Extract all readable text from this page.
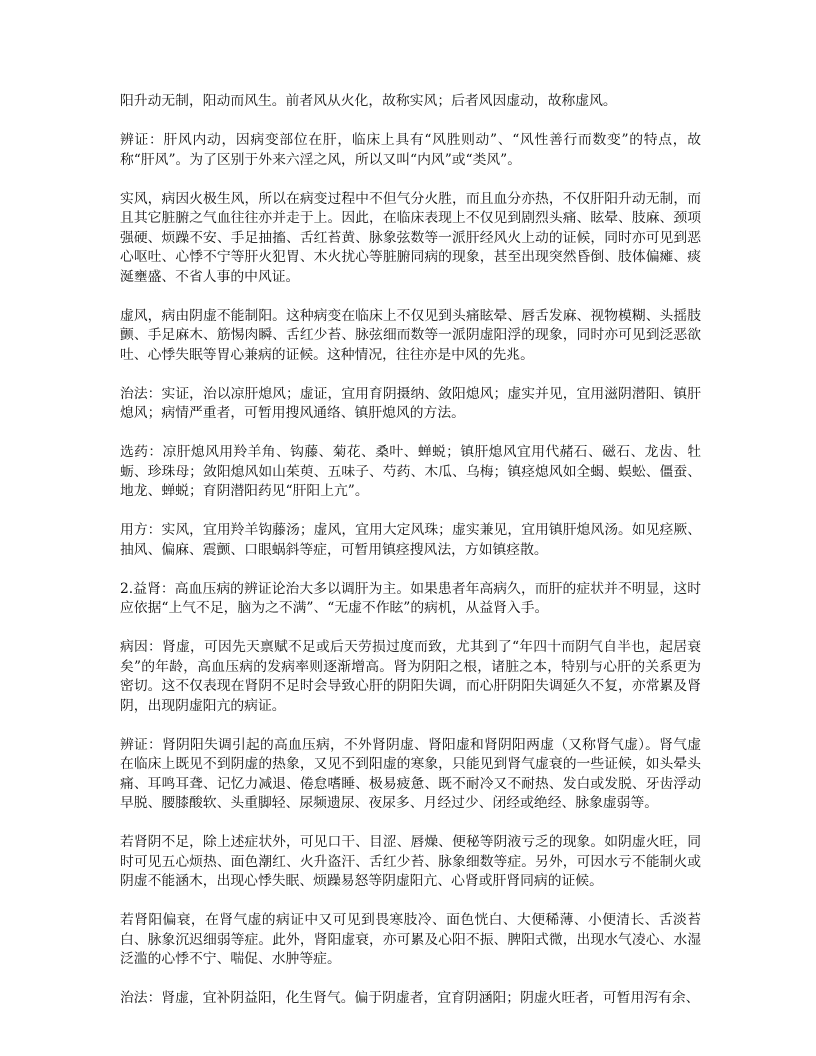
阳升动无制，阳动而风生。前者风从火化，故称实风；后者风因虚动，故称虚风。

辨证：肝风内动，因病变部位在肝，临床上具有“风胜则动”、“风性善行而数变”的特点，故称“肝风”。为了区别于外来六淫之风，所以又叫“内风”或“类风”。

实风，病因火极生风，所以在病变过程中不但气分火胜，而且血分亦热，不仅肝阳升动无制，而且其它脏腑之气血往往亦并走于上。因此，在临床表现上不仅见到剧烈头痛、眩晕、肢麻、颈项强硬、烦躁不安、手足抽搐、舌红苔黄、脉象弦数等一派肝经风火上动的证候，同时亦可见到恶心呕吐、心悸不宁等肝火犯胃、木火扰心等脏腑同病的现象，甚至出现突然昏倒、肢体偏瘫、痰涎壅盛、不省人事的中风证。

虚风，病由阴虚不能制阳。这种病变在临床上不仅见到头痛眩晕、唇舌发麻、视物模糊、头摇肢颤、手足麻木、筋惕肉瞬、舌红少苔、脉弦细而数等一派阴虚阳浮的现象，同时亦可见到泛恶欲吐、心悸失眠等胃心兼病的证候。这种情况，往往亦是中风的先兆。

治法：实证，治以凉肝熄风；虚证，宜用育阴摄纳、敛阳熄风；虚实并见，宜用滋阴潜阳、镇肝熄风；病情严重者，可暂用搜风通络、镇肝熄风的方法。

选药：凉肝熄风用羚羊角、钩藤、菊花、桑叶、蝉蜕；镇肝熄风宜用代赭石、磁石、龙齿、牡蛎、珍珠母；敛阳熄风如山茱萸、五味子、芍药、木瓜、乌梅；镇痉熄风如全蝎、蜈蚣、僵蚕、地龙、蝉蜕；育阴潜阳药见“肝阳上亢”。

用方：实风，宜用羚羊钩藤汤；虚风，宜用大定风珠；虚实兼见，宜用镇肝熄风汤。如见痉厥、抽风、偏麻、震颤、口眼蜗斜等症，可暂用镇痉搜风法，方如镇痉散。

2.益肾：高血压病的辨证论治大多以调肝为主。如果患者年高病久，而肝的症状并不明显，这时应依据“上气不足，脑为之不满”、“无虚不作眩”的病机，从益肾入手。

病因：肾虚，可因先天禀赋不足或后天劳损过度而致，尤其到了“年四十而阴气自半也，起居衰矣”的年龄，高血压病的发病率则逐渐增高。肾为阴阳之根，诸脏之本，特别与心肝的关系更为密切。这不仅表现在肾阴不足时会导致心肝的阴阳失调，而心肝阴阳失调延久不复，亦常累及肾阴，出现阴虚阳亢的病证。

辨证：肾阴阳失调引起的高血压病，不外肾阴虚、肾阳虚和肾阴阳两虚（又称肾气虚）。肾气虚在临床上既见不到阴虚的热象，又见不到阳虚的寒象，只能见到肾气虚衰的一些证候，如头晕头痛、耳鸣耳聋、记忆力减退、倦怠嗜睡、极易疲惫、既不耐冷又不耐热、发白或发脱、牙齿浮动早脱、腰膝酸软、头重脚轻、尿频遗尿、夜尿多、月经过少、闭经或绝经、脉象虚弱等。

若肾阴不足，除上述症状外，可见口干、目涩、唇燥、便秘等阴液亏乏的现象。如阴虚火旺，同时可见五心烦热、面色潮红、火升盗汗、舌红少苔、脉象细数等症。另外，可因水亏不能制火或阴虚不能涵木，出现心悸失眠、烦躁易怒等阴虚阳亢、心肾或肝肾同病的证候。

若肾阳偏衰，在肾气虚的病证中又可见到畏寒肢冷、面色恍白、大便稀薄、小便清长、舌淡苔白、脉象沉迟细弱等症。此外，肾阳虚衰，亦可累及心阳不振、脾阳式微，出现水气凌心、水湿泛滥的心悸不宁、喘促、水肿等症。

治法：肾虚，宜补阴益阳，化生肾气。偏于阴虚者，宜育阴涵阳；阴虚火旺者，可暂用泻有余、
